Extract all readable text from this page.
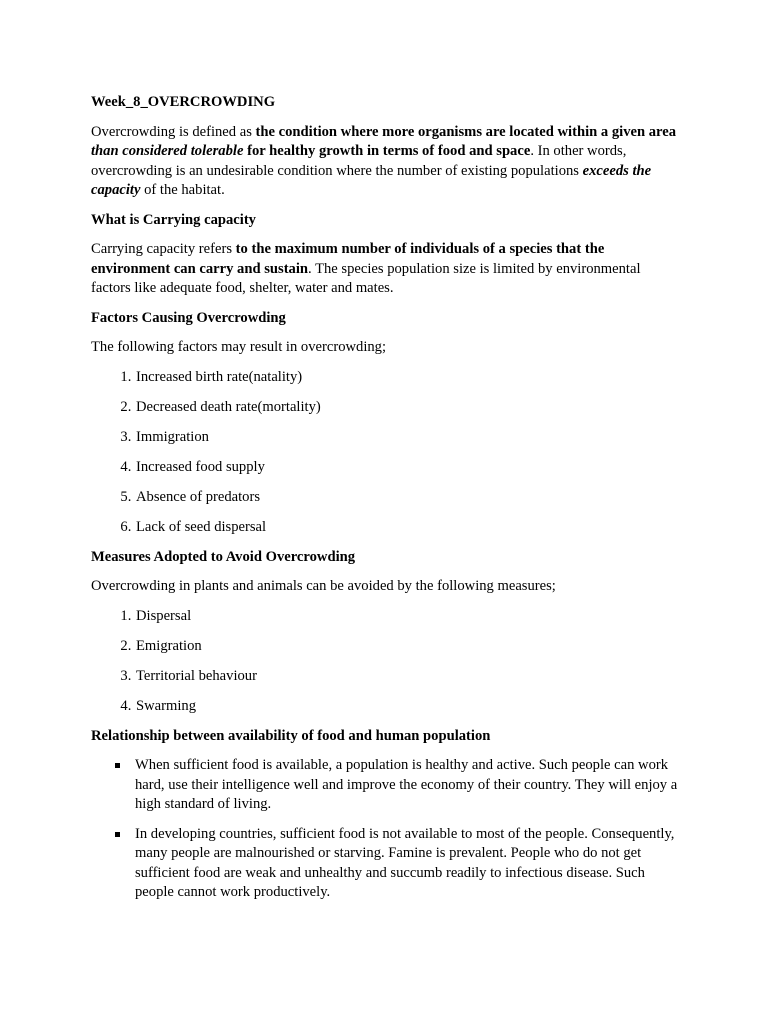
Week_8_OVERCROWDING

Overcrowding is defined as the condition where more organisms are located within a given area than considered tolerable for healthy growth in terms of food and space. In other words, overcrowding is an undesirable condition where the number of existing populations exceeds the capacity of the habitat.

What is Carrying capacity

Carrying capacity refers to the maximum number of individuals of a species that the environment can carry and sustain. The species population size is limited by environmental factors like adequate food, shelter, water and mates.

Factors Causing Overcrowding

The following factors may result in overcrowding;

1. Increased birth rate(natality)
2. Decreased death rate(mortality)
3. Immigration
4. Increased food supply
5. Absence of predators
6. Lack of seed dispersal
Measures Adopted to Avoid Overcrowding

Overcrowding in plants and animals can be avoided by the following measures;

1. Dispersal
2. Emigration
3. Territorial behaviour
4. Swarming
Relationship between availability of food and human population
When sufficient food is available, a population is healthy and active. Such people can work hard, use their intelligence well and improve the economy of their country. They will enjoy a high standard of living.
In developing countries, sufficient food is not available to most of the people. Consequently, many people are malnourished or starving. Famine is prevalent. People who do not get sufficient food are weak and unhealthy and succumb readily to infectious disease. Such people cannot work productively.
